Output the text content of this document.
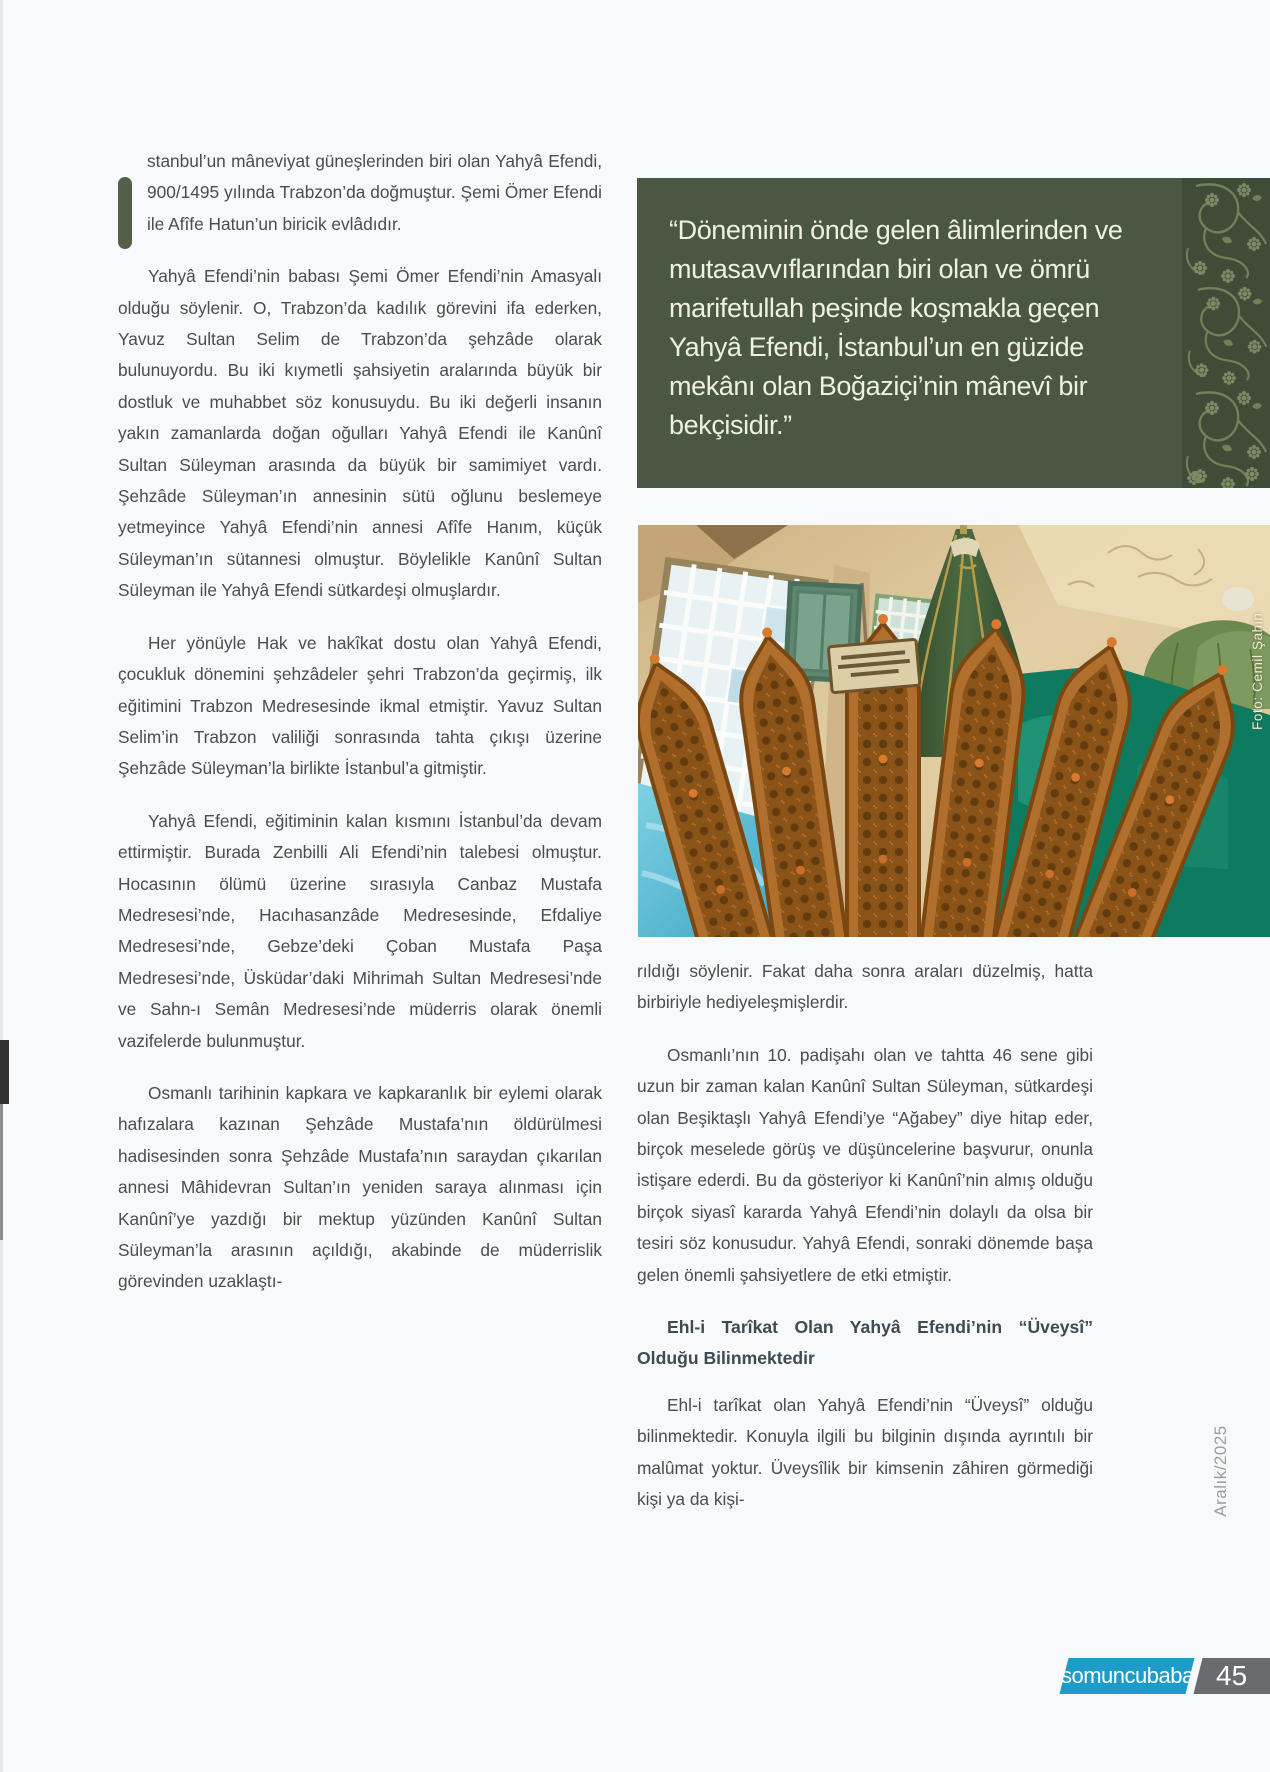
stanbul’un mâneviyat güneşlerinden biri olan Yahyâ Efendi, 900/1495 yılında Trabzon’da doğmuştur. Şemi Ömer Efendi ile Afîfe Hatun’un biricik evlâdıdır.

Yahyâ Efendi’nin babası Şemi Ömer Efendi’nin Amasyalı olduğu söylenir. O, Trabzon’da kadılık görevini ifa ederken, Yavuz Sultan Selim de Trabzon’da şehzâde olarak bulunuyordu. Bu iki kıymetli şahsiyetin aralarında büyük bir dostluk ve muhabbet söz konusuydu. Bu iki değerli insanın yakın zamanlarda doğan oğulları Yahyâ Efendi ile Kanûnî Sultan Süleyman arasında da büyük bir samimiyet vardı. Şehzâde Süleyman’ın annesinin sütü oğlunu beslemeye yetmeyince Yahyâ Efendi’nin annesi Afîfe Hanım, küçük Süleyman’ın sütannesi olmuştur. Böylelikle Kanûnî Sultan Süleyman ile Yahyâ Efendi sütkardeşi olmuşlardır.

Her yönüyle Hak ve hakîkat dostu olan Yahyâ Efendi, çocukluk dönemini şehzâdeler şehri Trabzon’da geçirmiş, ilk eğitimini Trabzon Medresesinde ikmal etmiştir. Yavuz Sultan Selim’in Trabzon valiliği sonrasında tahta çıkışı üzerine Şehzâde Süleyman’la birlikte İstanbul’a gitmiştir.

Yahyâ Efendi, eğitiminin kalan kısmını İstanbul’da devam ettirmiştir. Burada Zenbilli Ali Efendi’nin talebesi olmuştur. Hocasının ölümü üzerine sırasıyla Canbaz Mustafa Medresesi’nde, Hacıhasanzâde Medresesinde, Efdaliye Medresesi’nde, Gebze’deki Çoban Mustafa Paşa Medresesi’nde, Üsküdar’daki Mihrimah Sultan Medresesi’nde ve Sahn-ı Semân Medresesi’nde müderris olarak önemli vazifelerde bulunmuştur.

Osmanlı tarihinin kapkara ve kapkaranlık bir eylemi olarak hafızalara kazınan Şehzâde Mustafa’nın öldürülmesi hadisesinden sonra Şehzâde Mustafa’nın saraydan çıkarılan annesi Mâhidevran Sultan’ın yeniden saraya alınması için Kanûnî’ye yazdığı bir mektup yüzünden Kanûnî Sultan Süleyman’la arasının açıldığı, akabinde de müderrislik görevinden uzaklaştı-

“Döneminin önde gelen âlimlerinden ve mutasavvıflarından biri olan ve ömrü marifetullah peşinde koşmakla geçen Yahyâ Efendi, İstanbul’un en güzide mekânı olan Boğaziçi’nin mânevî bir bekçisidir.”
Foto: Cemil Şahin

rıldığı söylenir. Fakat daha sonra araları düzelmiş, hatta birbiriyle hediyeleşmişlerdir.

Osmanlı’nın 10. padişahı olan ve tahtta 46 sene gibi uzun bir zaman kalan Kanûnî Sultan Süleyman, sütkardeşi olan Beşiktaşlı Yahyâ Efendi’ye “Ağabey” diye hitap eder, birçok meselede görüş ve düşüncelerine başvurur, onunla istişare ederdi. Bu da gösteriyor ki Kanûnî’nin almış olduğu birçok siyasî kararda Yahyâ Efendi’nin dolaylı da olsa bir tesiri söz konusudur. Yahyâ Efendi, sonraki dönemde başa gelen önemli şahsiyetlere de etki etmiştir.

Ehl-i Tarîkat Olan Yahyâ Efendi’nin “Üveysî” Olduğu Bilinmektedir

Ehl-i tarîkat olan Yahyâ Efendi’nin “Üveysî” olduğu bilinmektedir. Konuyla ilgili bu bilginin dışında ayrıntılı bir malûmat yoktur. Üveysîlik bir kimsenin zâhiren görmediği kişi ya da kişi-	Aralık/2025
somuncubaba 45
